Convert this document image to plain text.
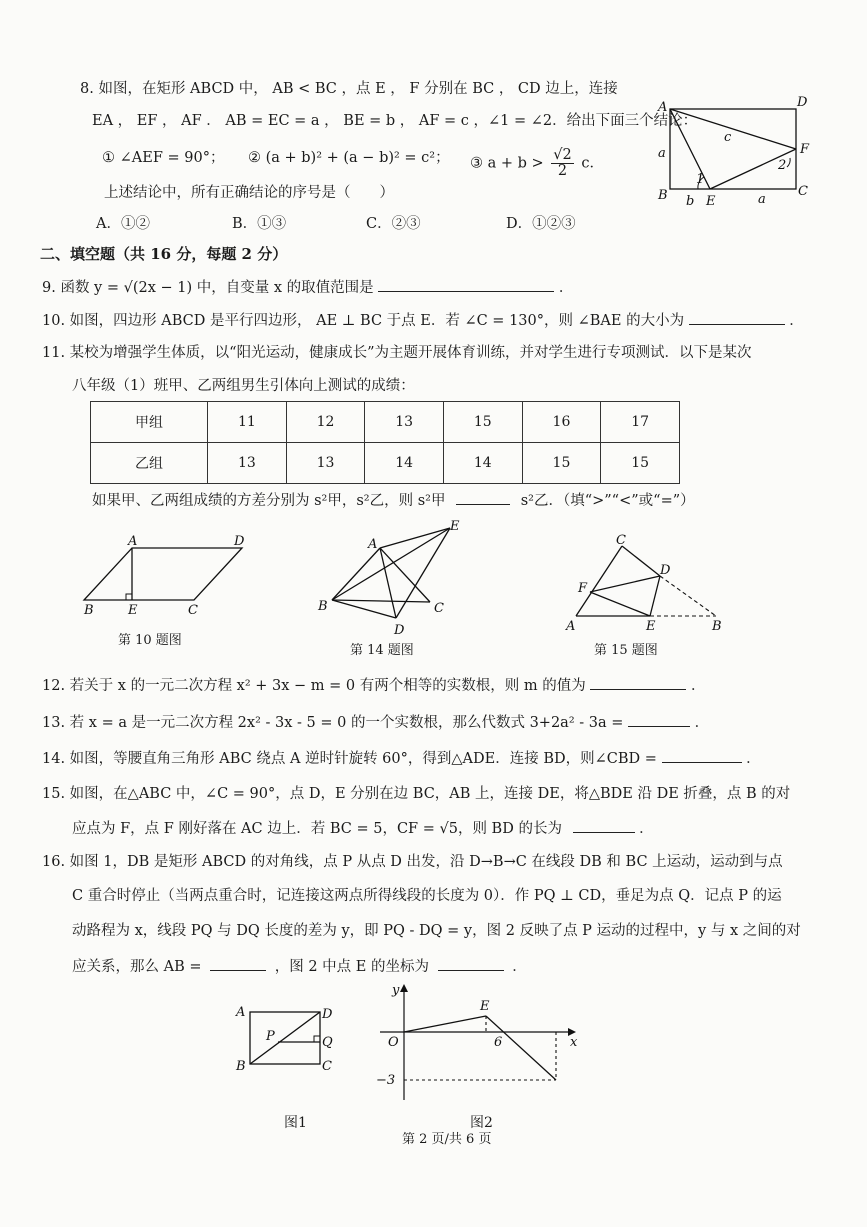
8. 如图，在矩形 ABCD 中， AB < BC ，点 E ， F 分别在 BC ， CD 边上，连接
EA ， EF ， AF ． AB = EC = a ， BE = b ， AF = c ，∠1 = ∠2．给出下面三个结论：
① ∠AEF = 90°； ② (a + b)² + (a − b)² = c²； ③ $a + b > \frac{√2}{2}$ c．
上述结论中，所有正确结论的序号是（　　）
A．①②	B．①③	C．②③	D．①②③
A	D
B	C
E
F
a
b	a
c
1
2
二、填空题（共 16 分，每题 2 分）
9. 函数 y = √(2x − 1) 中，自变量 x 的取值范围是	．
10. 如图，四边形 ABCD 是平行四边形， AE ⊥ BC 于点 E．若 ∠C = 130°，则 ∠BAE 的大小为	．
11. 某校为增强学生体质，以“阳光运动，健康成长”为主题开展体育训练，并对学生进行专项测试．以下是某次
八年级（1）班甲、乙两组男生引体向上测试的成绩：
甲组	11	12	13	15	16	17
乙组	13	13	14	14	15	15
如果甲、乙两组成绩的方差分别为 s²甲，s²乙，则 s²甲	s²乙．（填“>”“<”或“=”）
A	D
B	E	C
第 10 题图
A
E
B	C
D
第 14 题图
C
D
F
A	E	B
第 15 题图
12. 若关于 x 的一元二次方程 x² + 3x − m = 0 有两个相等的实数根，则 m 的值为	．
13. 若 x = a 是一元二次方程 2x² - 3x - 5 = 0 的一个实数根，那么代数式 3+2a² - 3a =	．
14. 如图，等腰直角三角形 ABC 绕点 A 逆时针旋转 60°，得到△ADE．连接 BD，则∠CBD =	．
15. 如图，在△ABC 中，∠C = 90°，点 D，E 分别在边 BC，AB 上，连接 DE，将△BDE 沿 DE 折叠，点 B 的对
应点为 F，点 F 刚好落在 AC 边上．若 BC = 5，CF = √5，则 BD 的长为	．
16. 如图 1，DB 是矩形 ABCD 的对角线，点 P 从点 D 出发，沿 D→B→C 在线段 DB 和 BC 上运动，运动到与点
C 重合时停止（当两点重合时，记连接这两点所得线段的长度为 0）．作 PQ ⊥ CD，垂足为点 Q．记点 P 的运
动路程为 x，线段 PQ 与 DQ 长度的差为 y，即 PQ - DQ = y，图 2 反映了点 P 运动的过程中，y 与 x 之间的对
应关系，那么 AB =	，图 2 中点 E 的坐标为	．
A	D
P	Q
B	C
图1
y
E
O	6	x
−3
图2
第 2 页/共 6 页
